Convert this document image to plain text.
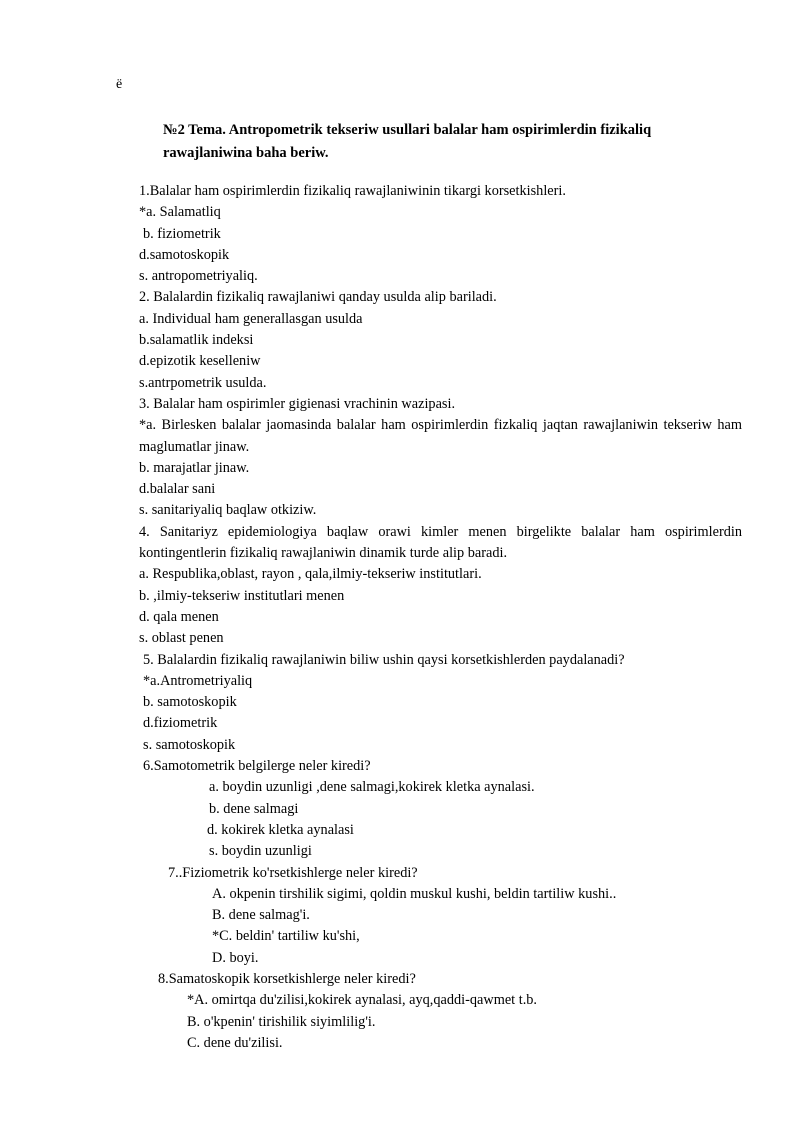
ё
№2 Tema. Antropometrik tekseriw usullari balalar ham ospirimlerdin fizikaliq rawajlaniwina baha beriw.
1.Balalar ham ospirimlerdin fizikaliq rawajlaniwinin tikargi korsetkishleri.
*a. Salamatliq
b. fiziometrik
d.samotoskopik
s. antropometriyaliq.
2. Balalardin fizikaliq rawajlaniwi qanday usulda alip bariladi.
a. Individual ham generallasgan usulda
b.salamatlik indeksi
d.epizotik keselleniw
s.antrpometrik usulda.
3. Balalar ham ospirimler gigienasi vrachinin wazipasi.
*a. Birlesken balalar jaomasinda balalar ham ospirimlerdin fizkaliq jaqtan rawajlaniwin tekseriw ham maglumatlar jinaw.
b. marajatlar jinaw.
d.balalar sani
s. sanitariyaliq baqlaw otkiziw.
4. Sanitariyz epidemiologiya baqlaw orawi kimler menen birgelikte balalar ham ospirimlerdin kontingentlerin fizikaliq rawajlaniwin dinamik turde alip baradi.
a. Respublika,oblast, rayon , qala,ilmiy-tekseriw institutlari.
b. ,ilmiy-tekseriw institutlari menen
d. qala menen
s. oblast penen
5. Balalardin fizikaliq rawajlaniwin biliw ushin qaysi korsetkishlerden paydalanadi?
*a.Antrometriyaliq
b. samotoskopik
d.fiziometrik
s. samotoskopik
6.Samotometrik belgilerge neler kiredi?
a. boydin uzunligi ,dene salmagi,kokirek kletka aynalasi.
b. dene salmagi
d. kokirek kletka aynalasi
s. boydin uzunligi
7..Fiziometrik ko'rsetkishlerge neler kiredi?
A. okpenin tirshilik sigimi, qoldin muskul kushi, beldin tartiliw kushi..
B. dene salmag'i.
*C. beldin' tartiliw ku'shi,
D. boyi.
8.Samatoskopik korsetkishlerge neler kiredi?
*A. omirtqa du'zilisi,kokirek aynalasi, ayq,qaddi-qawmet t.b.
B. o'kpenin' tirishilik siyimlilig'i.
C. dene du'zilisi.
